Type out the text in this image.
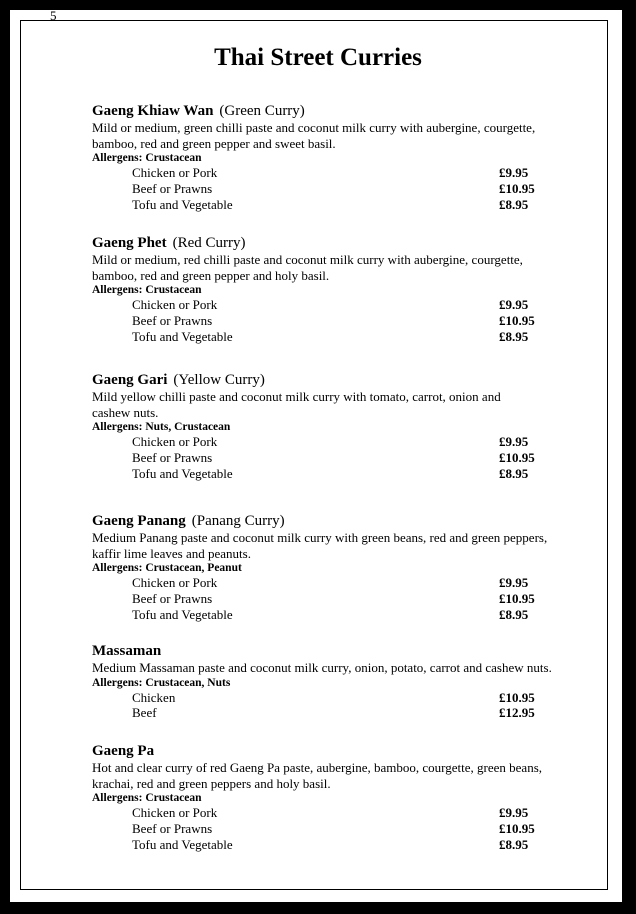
5
Thai Street Curries
Gaeng Khiaw Wan (Green Curry)
Mild or medium, green chilli paste and coconut milk curry with aubergine, courgette,
bamboo, red and green pepper and sweet basil.
Allergens: Crustacean
Chicken or Pork	£9.95
Beef or Prawns	£10.95
Tofu and Vegetable	£8.95
Gaeng Phet (Red Curry)
Mild or medium, red chilli paste and coconut milk curry with aubergine, courgette,
bamboo, red and green pepper and holy basil.
Allergens: Crustacean
Chicken or Pork	£9.95
Beef or Prawns	£10.95
Tofu and Vegetable	£8.95
Gaeng Gari (Yellow Curry)
Mild yellow chilli paste and coconut milk curry with tomato, carrot, onion and
cashew nuts.
Allergens: Nuts, Crustacean
Chicken or Pork	£9.95
Beef or Prawns	£10.95
Tofu and Vegetable	£8.95
Gaeng Panang (Panang Curry)
Medium Panang paste and coconut milk curry with green beans, red and green peppers,
kaffir lime leaves and peanuts.
Allergens: Crustacean, Peanut
Chicken or Pork	£9.95
Beef or Prawns	£10.95
Tofu and Vegetable	£8.95
Massaman
Medium Massaman paste and coconut milk curry, onion, potato, carrot and cashew nuts.
Allergens: Crustacean, Nuts
Chicken	£10.95
Beef	£12.95
Gaeng Pa
Hot and clear curry of red Gaeng Pa paste, aubergine, bamboo, courgette, green beans,
krachai, red and green peppers and holy basil.
Allergens: Crustacean
Chicken or Pork	£9.95
Beef or Prawns	£10.95
Tofu and Vegetable	£8.95
